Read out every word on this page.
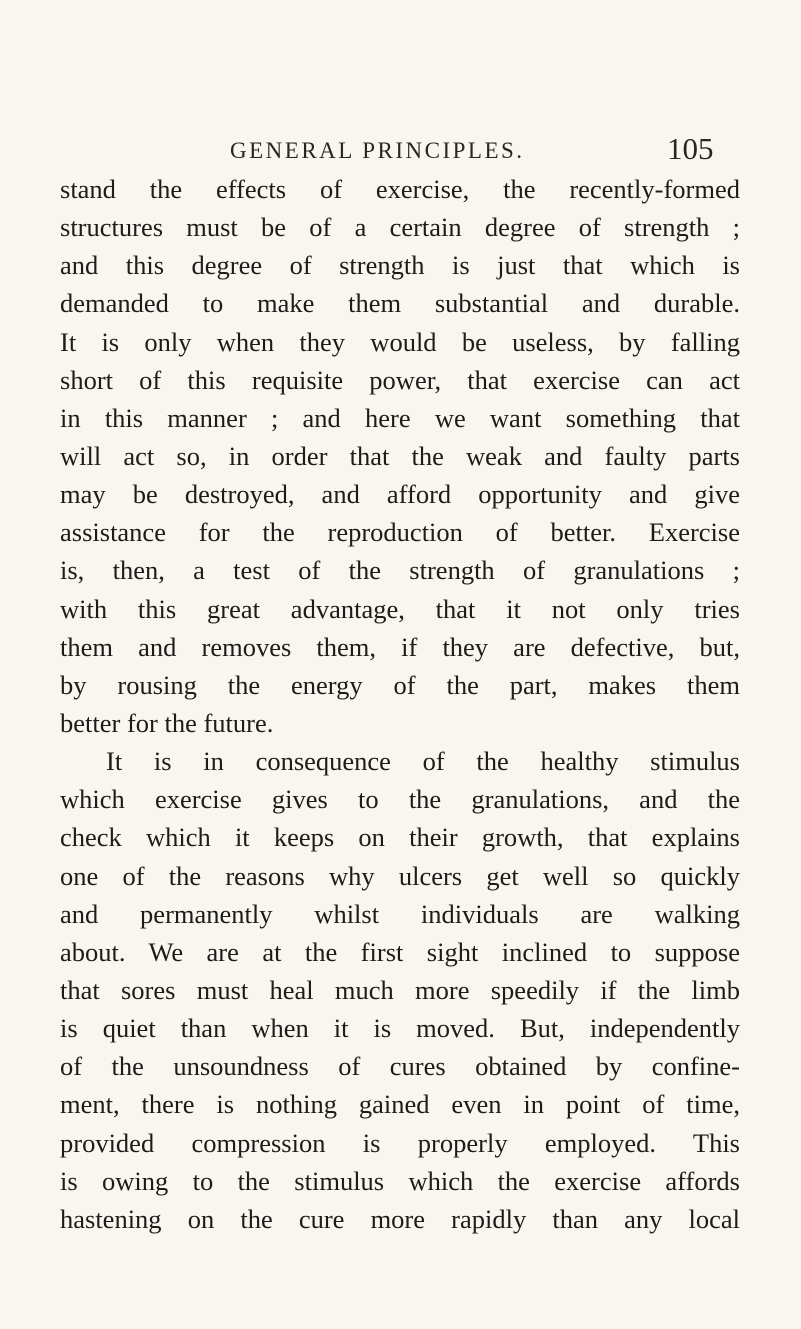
GENERAL PRINCIPLES.	105
stand the effects of exercise, the recently-formed
structures must be of a certain degree of strength ;
and this degree of strength is just that which is
demanded to make them substantial and durable.
It is only when they would be useless, by falling
short of this requisite power, that exercise can act
in this manner ; and here we want something that
will act so, in order that the weak and faulty parts
may be destroyed, and afford opportunity and give
assistance for the reproduction of better. Exercise
is, then, a test of the strength of granulations ;
with this great advantage, that it not only tries
them and removes them, if they are defective, but,
by rousing the energy of the part, makes them
better for the future.
It is in consequence of the healthy stimulus
which exercise gives to the granulations, and the
check which it keeps on their growth, that explains
one of the reasons why ulcers get well so quickly
and permanently whilst individuals are walking
about. We are at the first sight inclined to suppose
that sores must heal much more speedily if the limb
is quiet than when it is moved. But, independently
of the unsoundness of cures obtained by confine-
ment, there is nothing gained even in point of time,
provided compression is properly employed. This
is owing to the stimulus which the exercise affords
hastening on the cure more rapidly than any local
